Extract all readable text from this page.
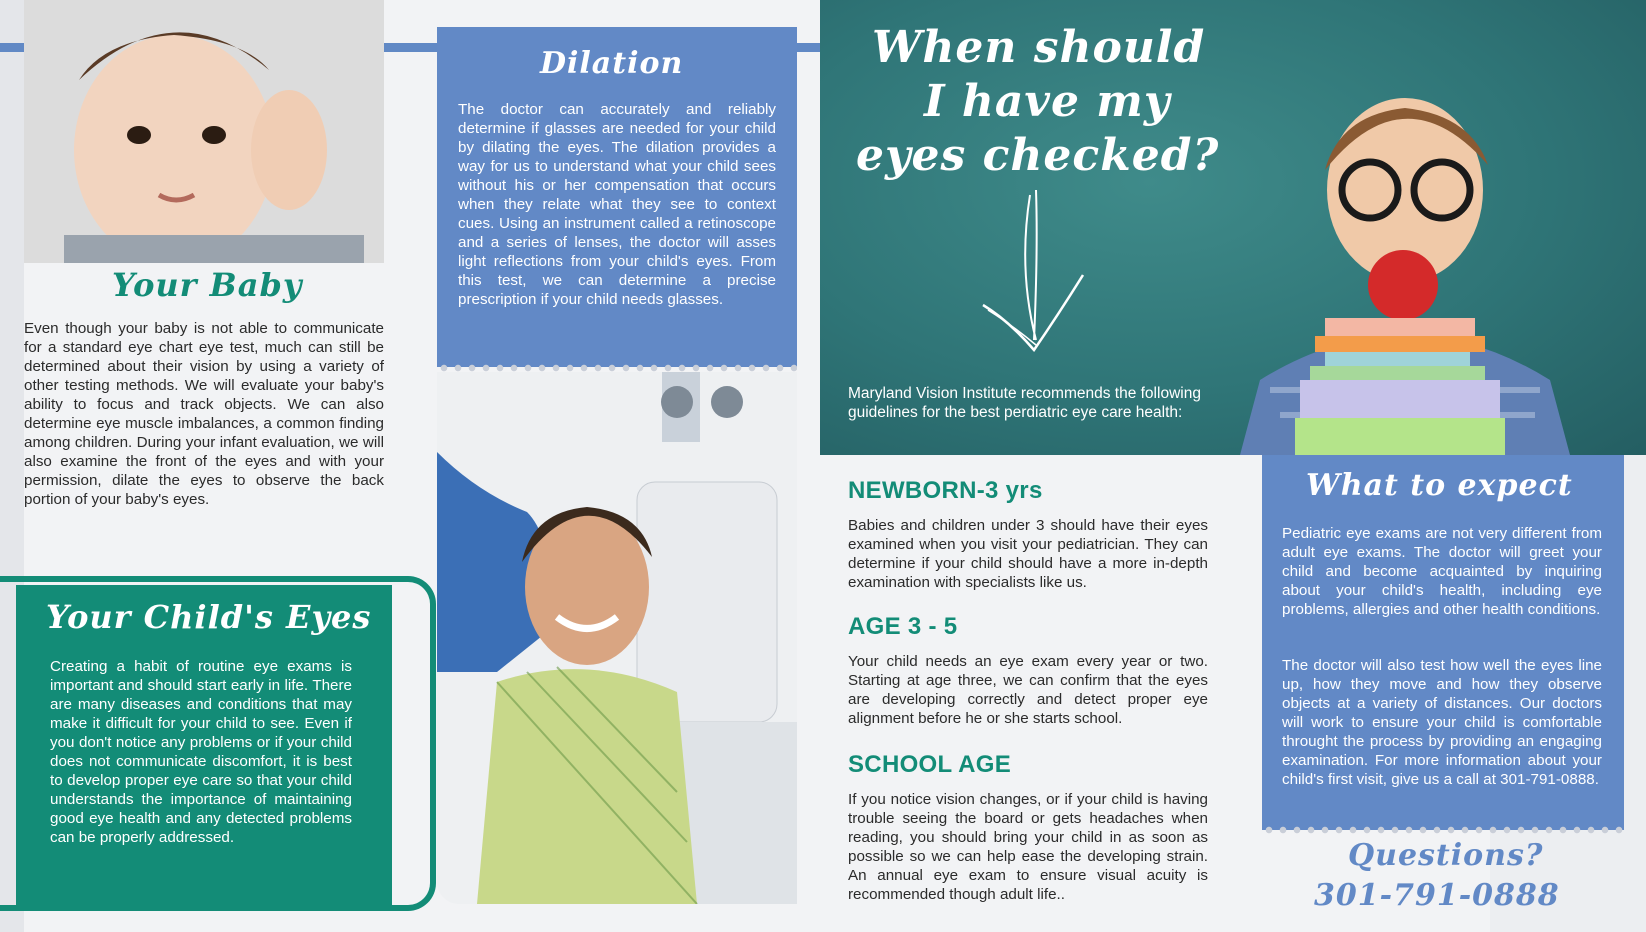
Your Baby

Even though your baby is not able to communicate for a standard eye chart eye test, much can still be determined about their vision by using a variety of other testing methods. We will evaluate your baby's ability to focus and track objects. We can also determine eye muscle imbalances, a common finding among children. During your infant evaluation, we will also examine the front of the eyes and with your permission, dilate the eyes to observe the back portion of your baby's eyes.

Your Child's Eyes

Creating a habit of routine eye exams is important and should start early in life. There are many diseases and conditions that may make it difficult for your child to see. Even if you don't notice any problems or if your child does not communicate discomfort, it is best to develop proper eye care so that your child understands the importance of maintaining good eye health and any detected problems can be properly addressed.

Dilation

The doctor can accurately and reliably determine if glasses are needed for your child by dilating the eyes. The dilation provides a way for us to understand what your child sees without his or her compensation that occurs when they relate what they see to context cues. Using an instrument called a retinoscope and a series of lenses, the doctor will asses light reflections from your child's eyes. From this test, we can determine a precise prescription if your child needs glasses.

When should
I have my
eyes checked?

Maryland Vision Institute recommends the following guidelines for the best perdiatric eye care health:

NEWBORN-3 yrs

Babies and children under 3 should have their eyes examined when you visit your pediatrician. They can determine if your child should have a more in-depth examination with specialists like us.

AGE 3 - 5

Your child needs an eye exam every year or two. Starting at age three, we can confirm that the eyes are developing correctly and detect proper eye alignment before he or she starts school.

SCHOOL AGE

If you notice vision changes, or if your child is having trouble seeing the board or gets headaches when reading, you should bring your child in as soon as possible so we can help ease the developing strain. An annual eye exam to ensure visual acuity is recommended though adult life..

What to expect

Pediatric eye exams are not very different from adult eye exams. The doctor will greet your child and become acquainted by inquiring about your child's health, including eye problems, allergies and other health conditions.

The doctor will also test how well the eyes line up, how they move and how they observe objects at a variety of distances. Our doctors will work to ensure your child is comfortable throught the process by providing an engaging examination. For more information about your child's first visit, give us a call at 301-791-0888.

Questions?
301-791-0888
